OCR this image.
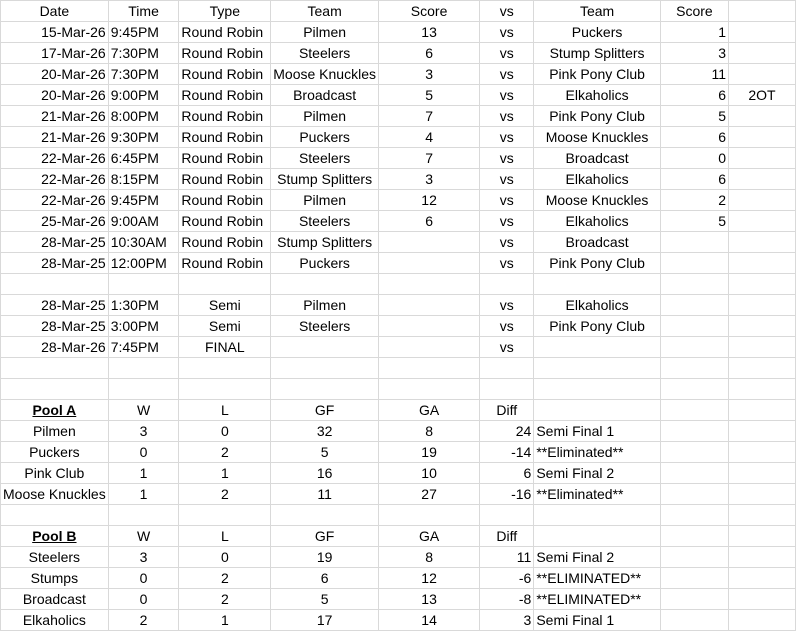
Date	Time	Type	Team	Score	vs	Team	Score	
15-Mar-26	9:45PM	Round Robin	Pilmen	13	vs	Puckers	1	
17-Mar-26	7:30PM	Round Robin	Steelers	6	vs	Stump Splitters	3	
20-Mar-26	7:30PM	Round Robin	Moose Knuckles	3	vs	Pink Pony Club	11	
20-Mar-26	9:00PM	Round Robin	Broadcast	5	vs	Elkaholics	6	2OT
21-Mar-26	8:00PM	Round Robin	Pilmen	7	vs	Pink Pony Club	5	
21-Mar-26	9:30PM	Round Robin	Puckers	4	vs	Moose Knuckles	6	
22-Mar-26	6:45PM	Round Robin	Steelers	7	vs	Broadcast	0	
22-Mar-26	8:15PM	Round Robin	Stump Splitters	3	vs	Elkaholics	6	
22-Mar-26	9:45PM	Round Robin	Pilmen	12	vs	Moose Knuckles	2	
25-Mar-26	9:00AM	Round Robin	Steelers	6	vs	Elkaholics	5	
28-Mar-25	10:30AM	Round Robin	Stump Splitters		vs	Broadcast		
28-Mar-25	12:00PM	Round Robin	Puckers		vs	Pink Pony Club		

28-Mar-25	1:30PM	Semi	Pilmen		vs	Elkaholics		
28-Mar-25	3:00PM	Semi	Steelers		vs	Pink Pony Club		
28-Mar-26	7:45PM	FINAL			vs			

Pool A	W	L	GF	GA	Diff			
Pilmen	3	0	32	8	24	Semi Final 1		
Puckers	0	2	5	19	-14	**Eliminated**		
Pink Club	1	1	16	10	6	Semi Final 2		
Moose Knuckles	1	2	11	27	-16	**Eliminated**		

Pool B	W	L	GF	GA	Diff			
Steelers	3	0	19	8	11	Semi Final 2		
Stumps	0	2	6	12	-6	**ELIMINATED**		
Broadcast	0	2	5	13	-8	**ELIMINATED**		
Elkaholics	2	1	17	14	3	Semi Final 1		
